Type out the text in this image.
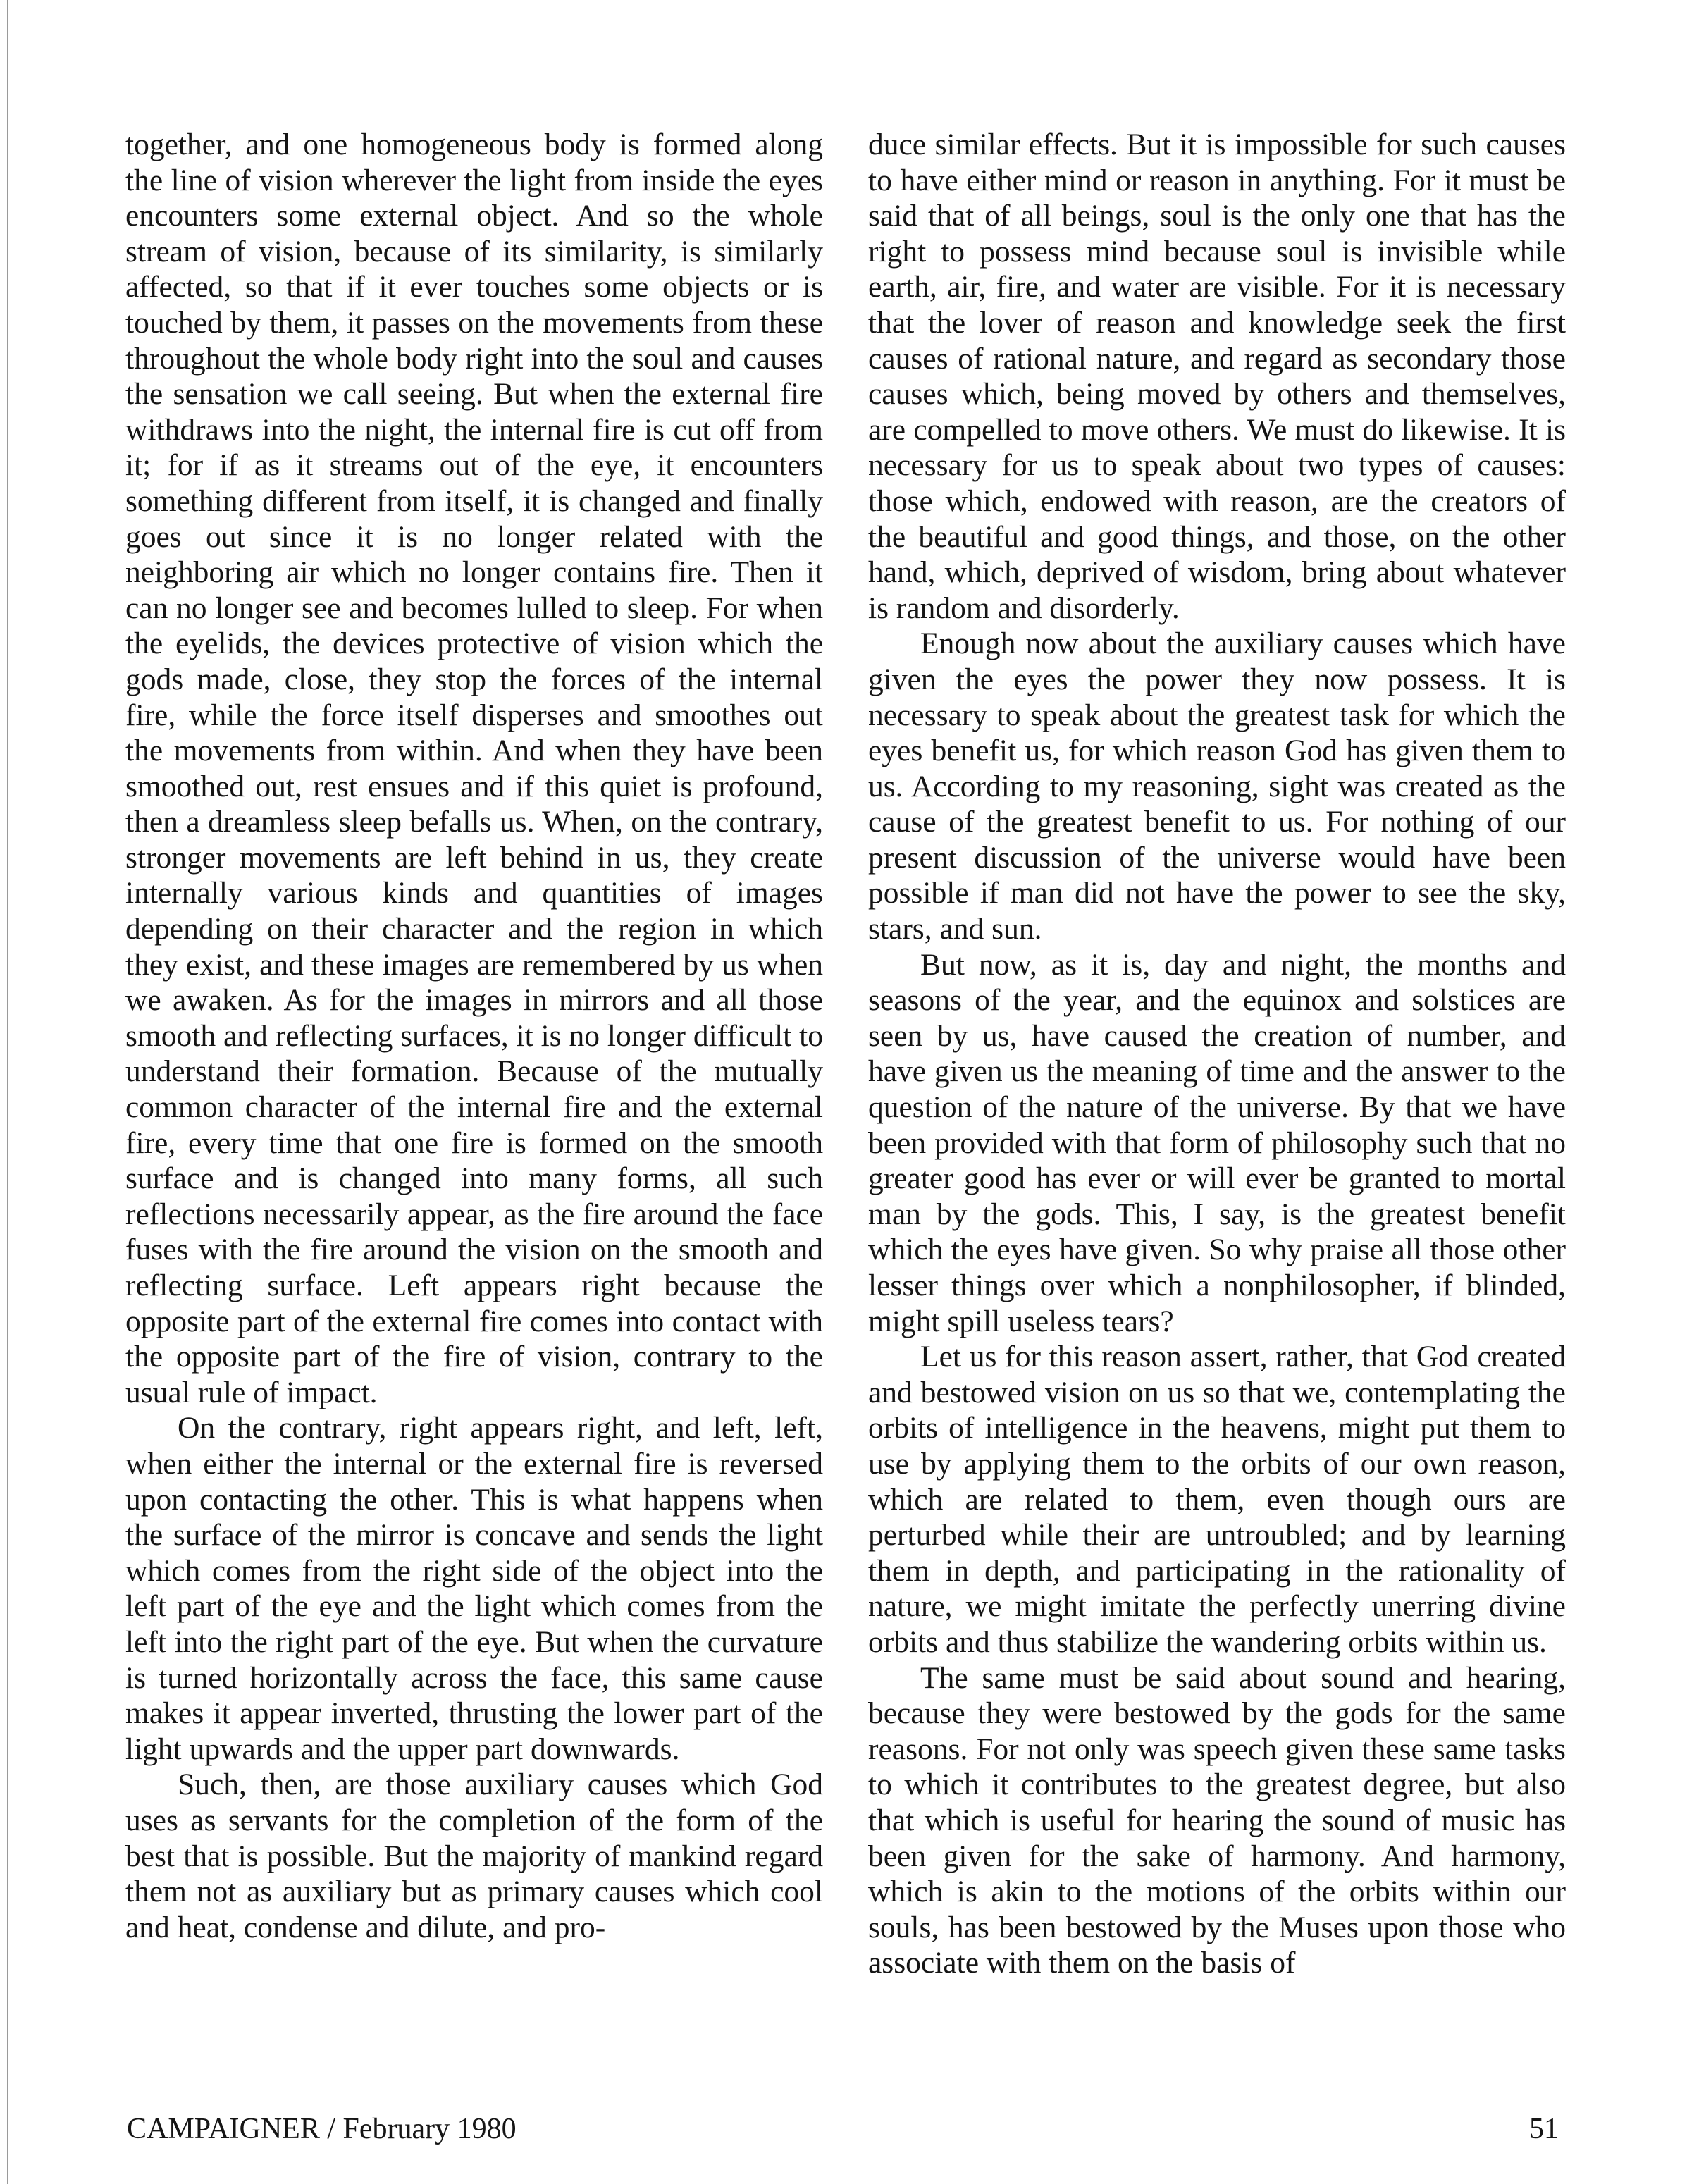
together, and one homogeneous body is formed along the line of vision wherever the light from inside the eyes encounters some external object. And so the whole stream of vision, because of its similarity, is similarly affected, so that if it ever touches some objects or is touched by them, it passes on the movements from these throughout the whole body right into the soul and causes the sensation we call seeing. But when the external fire withdraws into the night, the internal fire is cut off from it; for if as it streams out of the eye, it encounters something different from itself, it is changed and finally goes out since it is no longer related with the neighboring air which no longer contains fire. Then it can no longer see and becomes lulled to sleep. For when the eyelids, the devices protective of vision which the gods made, close, they stop the forces of the internal fire, while the force itself disperses and smoothes out the movements from within. And when they have been smoothed out, rest ensues and if this quiet is profound, then a dreamless sleep befalls us. When, on the contrary, stronger movements are left behind in us, they create internally various kinds and quantities of images depending on their character and the region in which they exist, and these images are remembered by us when we awaken. As for the images in mirrors and all those smooth and reflecting surfaces, it is no longer difficult to understand their formation. Because of the mutually common character of the internal fire and the external fire, every time that one fire is formed on the smooth surface and is changed into many forms, all such reflections necessarily appear, as the fire around the face fuses with the fire around the vision on the smooth and reflecting surface. Left appears right because the opposite part of the external fire comes into contact with the opposite part of the fire of vision, contrary to the usual rule of impact.

On the contrary, right appears right, and left, left, when either the internal or the external fire is reversed upon contacting the other. This is what happens when the surface of the mirror is concave and sends the light which comes from the right side of the object into the left part of the eye and the light which comes from the left into the right part of the eye. But when the curvature is turned horizontally across the face, this same cause makes it appear inverted, thrusting the lower part of the light upwards and the upper part downwards.

Such, then, are those auxiliary causes which God uses as servants for the completion of the form of the best that is possible. But the majority of mankind regard them not as auxiliary but as primary causes which cool and heat, condense and dilute, and pro-

duce similar effects. But it is impossible for such causes to have either mind or reason in anything. For it must be said that of all beings, soul is the only one that has the right to possess mind because soul is invisible while earth, air, fire, and water are visible. For it is necessary that the lover of reason and knowledge seek the first causes of rational nature, and regard as secondary those causes which, being moved by others and themselves, are compelled to move others. We must do likewise. It is necessary for us to speak about two types of causes: those which, endowed with reason, are the creators of the beautiful and good things, and those, on the other hand, which, deprived of wisdom, bring about whatever is random and disorderly.

Enough now about the auxiliary causes which have given the eyes the power they now possess. It is necessary to speak about the greatest task for which the eyes benefit us, for which reason God has given them to us. According to my reasoning, sight was created as the cause of the greatest benefit to us. For nothing of our present discussion of the universe would have been possible if man did not have the power to see the sky, stars, and sun.

But now, as it is, day and night, the months and seasons of the year, and the equinox and solstices are seen by us, have caused the creation of number, and have given us the meaning of time and the answer to the question of the nature of the universe. By that we have been provided with that form of philosophy such that no greater good has ever or will ever be granted to mortal man by the gods. This, I say, is the greatest benefit which the eyes have given. So why praise all those other lesser things over which a nonphilosopher, if blinded, might spill useless tears?

Let us for this reason assert, rather, that God created and bestowed vision on us so that we, contemplating the orbits of intelligence in the heavens, might put them to use by applying them to the orbits of our own reason, which are related to them, even though ours are perturbed while their are untroubled; and by learning them in depth, and participating in the rationality of nature, we might imitate the perfectly unerring divine orbits and thus stabilize the wandering orbits within us.

The same must be said about sound and hearing, because they were bestowed by the gods for the same reasons. For not only was speech given these same tasks to which it contributes to the greatest degree, but also that which is useful for hearing the sound of music has been given for the sake of harmony. And harmony, which is akin to the motions of the orbits within our souls, has been bestowed by the Muses upon those who associate with them on the basis of

CAMPAIGNER / February 1980	51
